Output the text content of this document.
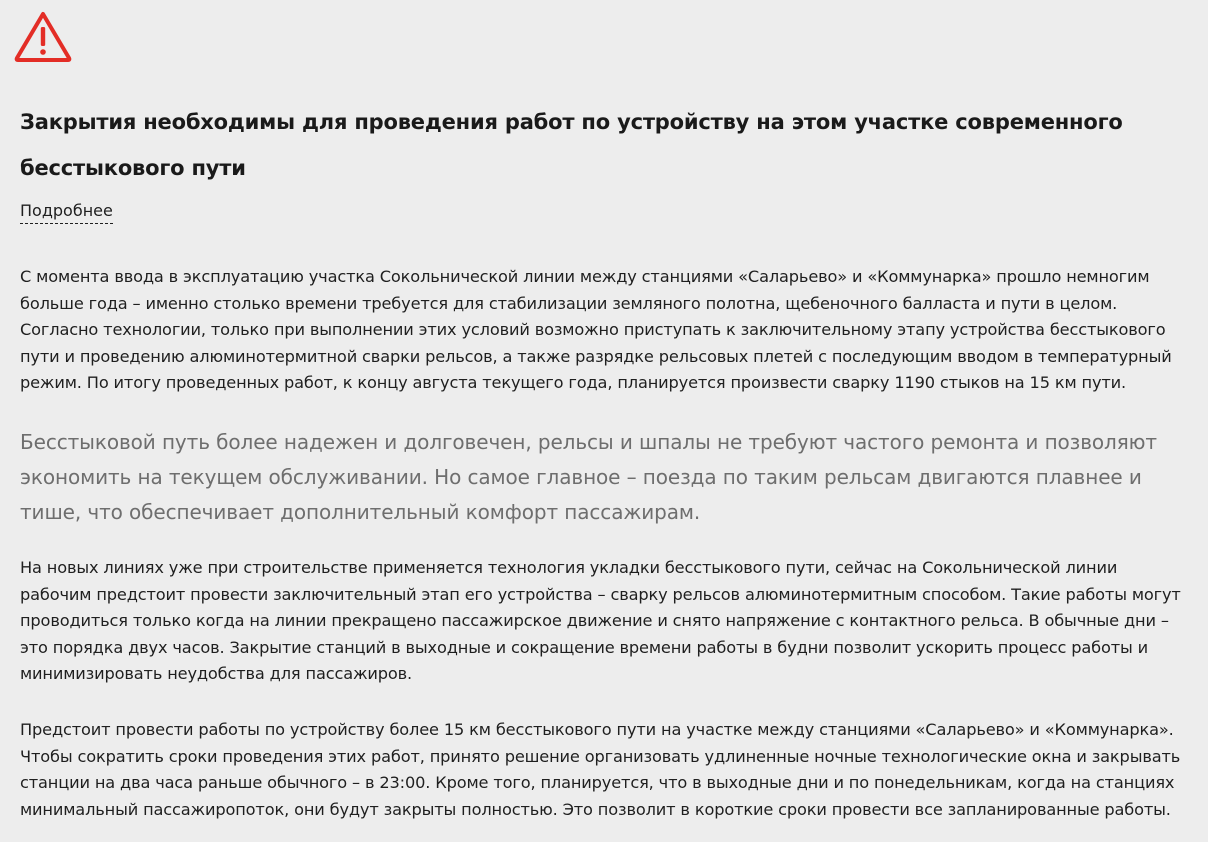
Закрытия необходимы для проведения работ по устройству на этом участке современного бесстыкового пути
Подробнее

С момента ввода в эксплуатацию участка Сокольнической линии между станциями «Саларьево» и «Коммунарка» прошло немногим больше года – именно столько времени требуется для стабилизации земляного полотна, щебеночного балласта и пути в целом. Согласно технологии, только при выполнении этих условий возможно приступать к заключительному этапу устройства бесстыкового пути и проведению алюминотермитной сварки рельсов, а также разрядке рельсовых плетей с последующим вводом в температурный режим. По итогу проведенных работ, к концу августа текущего года, планируется произвести сварку 1190 стыков на 15 км пути.

Бесстыковой путь более надежен и долговечен, рельсы и шпалы не требуют частого ремонта и позволяют экономить на текущем обслуживании. Но самое главное – поезда по таким рельсам двигаются плавнее и тише, что обеспечивает дополнительный комфорт пассажирам.

На новых линиях уже при строительстве применяется технология укладки бесстыкового пути, сейчас на Сокольнической линии рабочим предстоит провести заключительный этап его устройства – сварку рельсов алюминотермитным способом. Такие работы могут проводиться только когда на линии прекращено пассажирское движение и снято напряжение с контактного рельса. В обычные дни – это порядка двух часов. Закрытие станций в выходные и сокращение времени работы в будни позволит ускорить процесс работы и минимизировать неудобства для пассажиров.

Предстоит провести работы по устройству более 15 км бесстыкового пути на участке между станциями «Саларьево» и «Коммунарка». Чтобы сократить сроки проведения этих работ, принято решение организовать удлиненные ночные технологические окна и закрывать станции на два часа раньше обычного – в 23:00. Кроме того, планируется, что в выходные дни и по понедельникам, когда на станциях минимальный пассажиропоток, они будут закрыты полностью. Это позволит в короткие сроки провести все запланированные работы.
